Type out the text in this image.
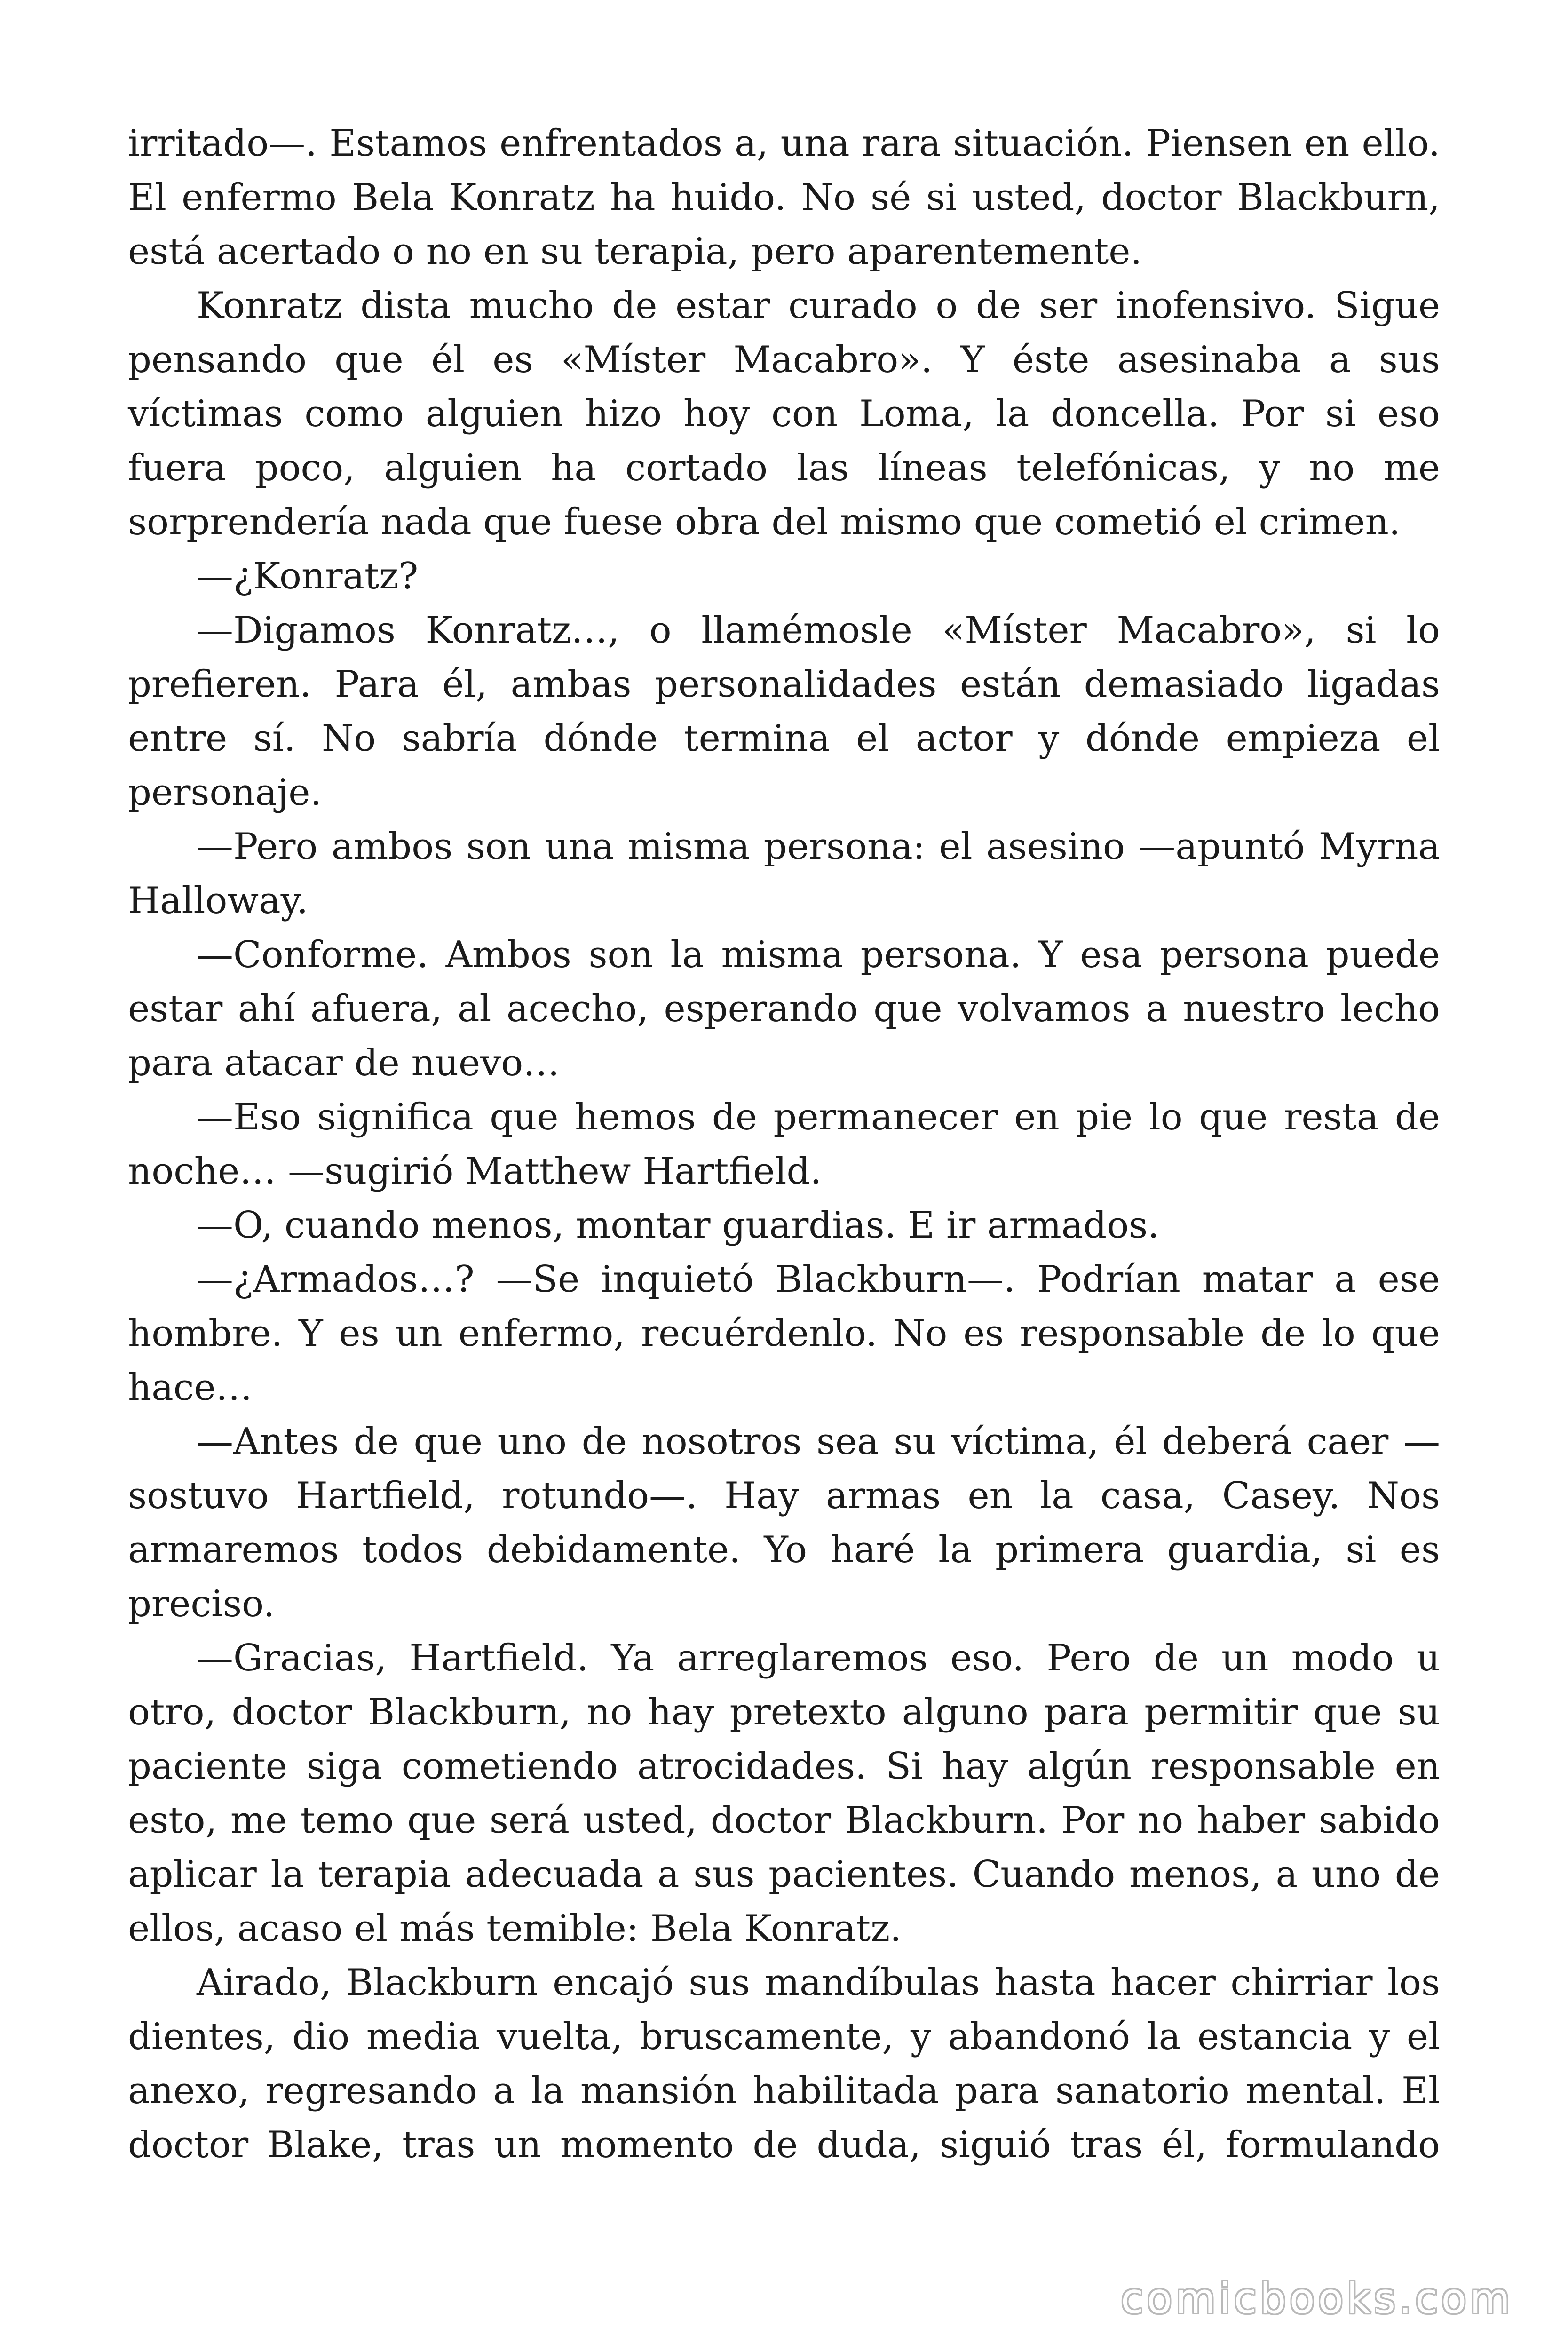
irritado—. Estamos enfrentados a, una rara situación. Piensen en ello. El enfermo Bela Konratz ha huido. No sé si usted, doctor Blackburn, está acertado o no en su terapia, pero aparentemente.

Konratz dista mucho de estar curado o de ser inofensivo. Sigue pensando que él es «Míster Macabro». Y éste asesinaba a sus víctimas como alguien hizo hoy con Loma, la doncella. Por si eso fuera poco, alguien ha cortado las líneas telefónicas, y no me sorprendería nada que fuese obra del mismo que cometió el crimen.

—¿Konratz?

—Digamos Konratz…, o llamémosle «Míster Macabro», si lo prefieren. Para él, ambas personalidades están demasiado ligadas entre sí. No sabría dónde termina el actor y dónde empieza el personaje.

—Pero ambos son una misma persona: el asesino —apuntó Myrna Halloway.

—Conforme. Ambos son la misma persona. Y esa persona puede estar ahí afuera, al acecho, esperando que volvamos a nuestro lecho para atacar de nuevo…

—Eso significa que hemos de permanecer en pie lo que resta de noche… —sugirió Matthew Hartfield.

—O, cuando menos, montar guardias. E ir armados.

—¿Armados…? —Se inquietó Blackburn—. Podrían matar a ese hombre. Y es un enfermo, recuérdenlo. No es responsable de lo que hace…

—Antes de que uno de nosotros sea su víctima, él deberá caer —sostuvo Hartfield, rotundo—. Hay armas en la casa, Casey. Nos armaremos todos debidamente. Yo haré la primera guardia, si es preciso.

—Gracias, Hartfield. Ya arreglaremos eso. Pero de un modo u otro, doctor Blackburn, no hay pretexto alguno para permitir que su paciente siga cometiendo atrocidades. Si hay algún responsable en esto, me temo que será usted, doctor Blackburn. Por no haber sabido aplicar la terapia adecuada a sus pacientes. Cuando menos, a uno de ellos, acaso el más temible: Bela Konratz.

Airado, Blackburn encajó sus mandíbulas hasta hacer chirriar los dientes, dio media vuelta, bruscamente, y abandonó la estancia y el anexo, regresando a la mansión habilitada para sanatorio mental. El doctor Blake, tras un momento de duda, siguió tras él, formulando

comicbooks.com
